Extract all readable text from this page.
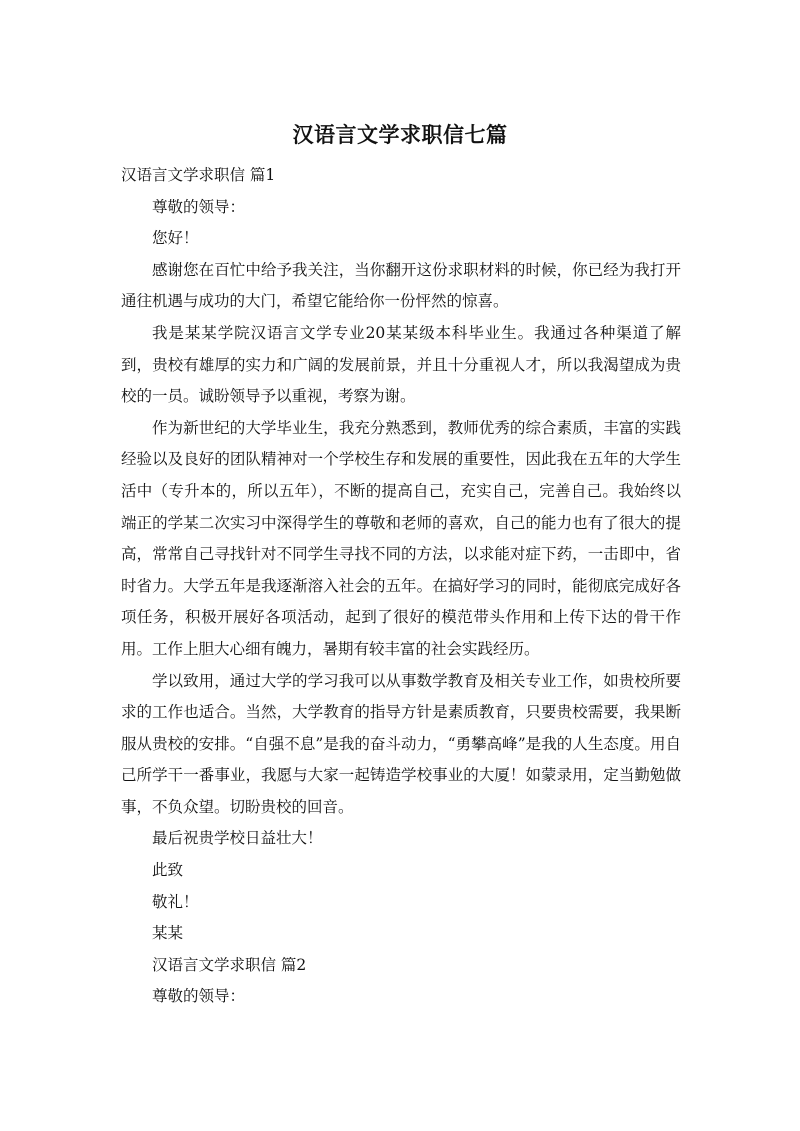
汉语言文学求职信七篇

汉语言文学求职信 篇1

尊敬的领导：

您好！

感谢您在百忙中给予我关注，当你翻开这份求职材料的时候，你已经为我打开通往机遇与成功的大门，希望它能给你一份怦然的惊喜。

我是某某学院汉语言文学专业20某某级本科毕业生。我通过各种渠道了解到，贵校有雄厚的实力和广阔的发展前景，并且十分重视人才，所以我渴望成为贵校的一员。诚盼领导予以重视，考察为谢。

作为新世纪的大学毕业生，我充分熟悉到，教师优秀的综合素质，丰富的实践经验以及良好的团队精神对一个学校生存和发展的重要性，因此我在五年的大学生活中（专升本的，所以五年），不断的提高自己，充实自己，完善自己。我始终以端正的学某二次实习中深得学生的尊敬和老师的喜欢，自己的能力也有了很大的提高，常常自己寻找针对不同学生寻找不同的方法，以求能对症下药，一击即中，省时省力。大学五年是我逐渐溶入社会的五年。在搞好学习的同时，能彻底完成好各项任务，积极开展好各项活动，起到了很好的模范带头作用和上传下达的骨干作用。工作上胆大心细有魄力，暑期有较丰富的社会实践经历。

学以致用，通过大学的学习我可以从事数学教育及相关专业工作，如贵校所要求的工作也适合。当然，大学教育的指导方针是素质教育，只要贵校需要，我果断服从贵校的安排。“自强不息”是我的奋斗动力，“勇攀高峰”是我的人生态度。用自己所学干一番事业，我愿与大家一起铸造学校事业的大厦！如蒙录用，定当勤勉做事，不负众望。切盼贵校的回音。

最后祝贵学校日益壮大！

此致

敬礼！

某某

汉语言文学求职信 篇2

尊敬的领导：
